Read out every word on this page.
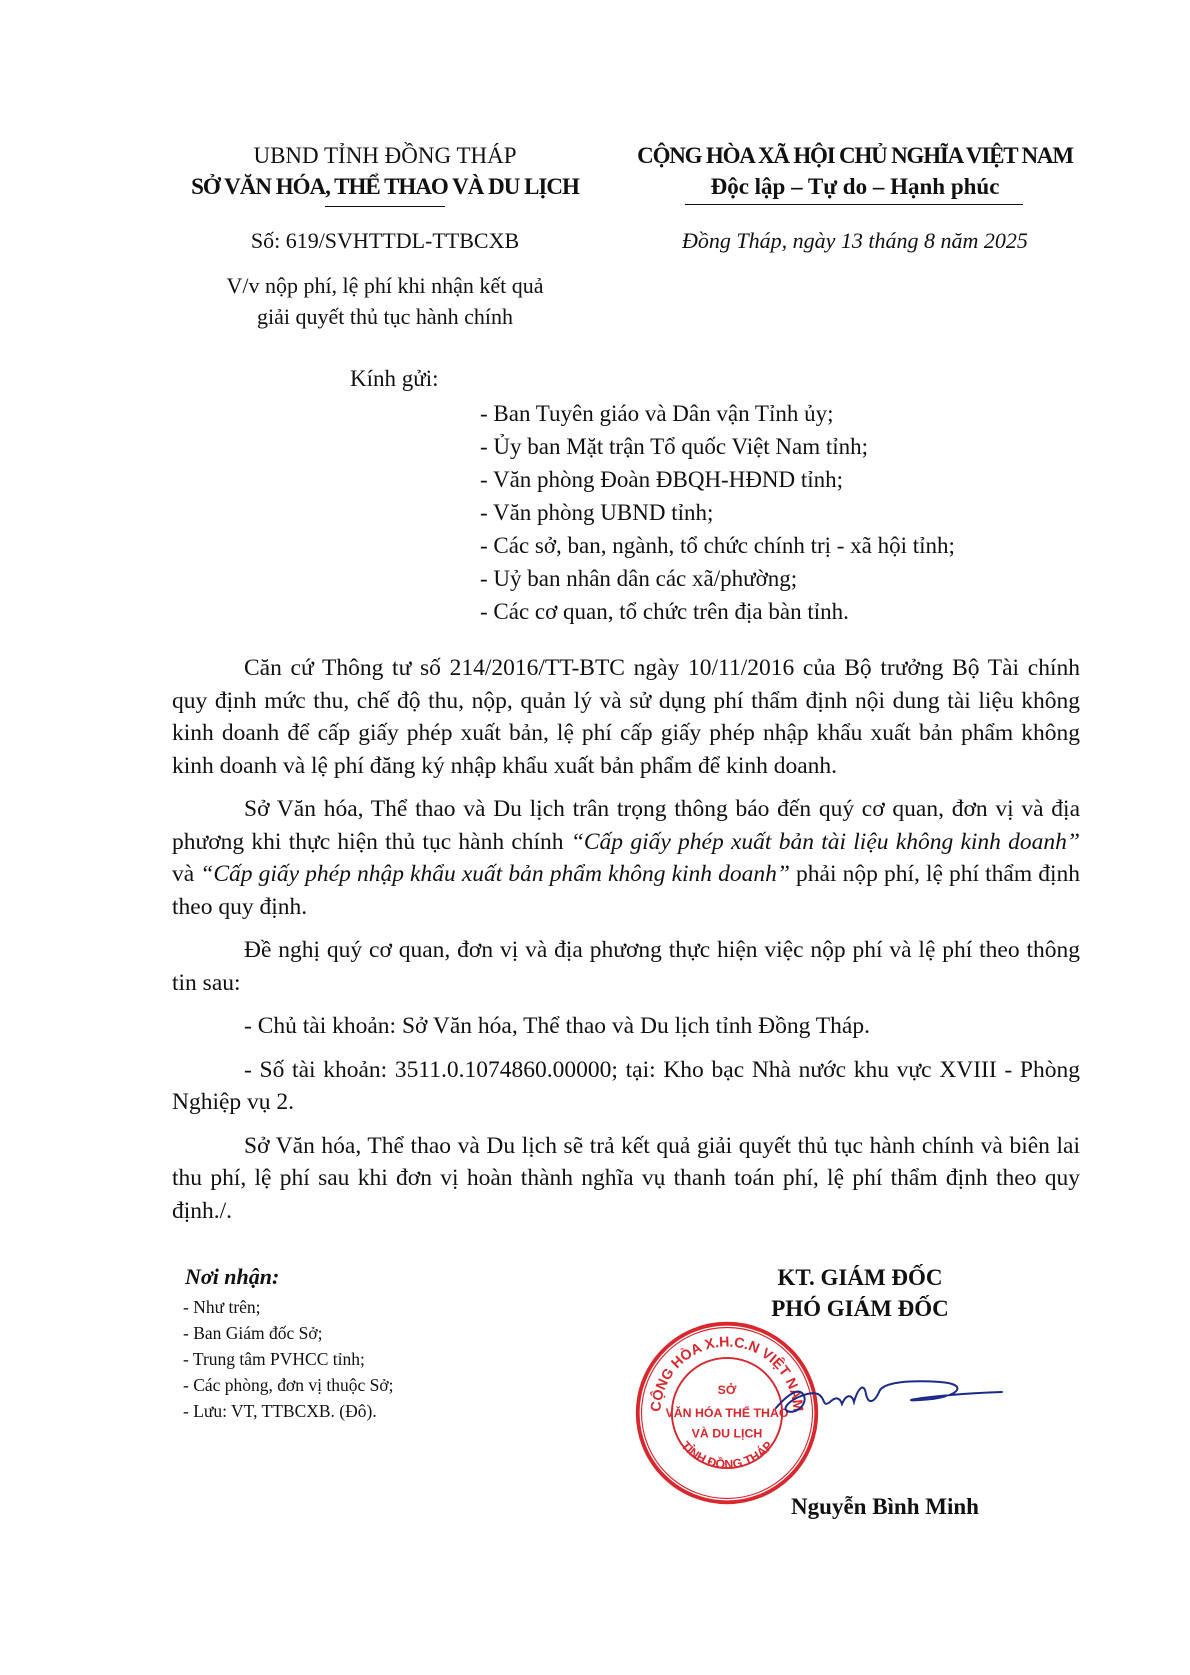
UBND TỈNH ĐỒNG THÁP
SỞ VĂN HÓA, THỂ THAO VÀ DU LỊCH
CỘNG HÒA XÃ HỘI CHỦ NGHĨA VIỆT NAM
Độc lập – Tự do – Hạnh phúc
Số: 619/SVHTTDL-TTBCXB	Đồng Tháp, ngày 13 tháng 8 năm 2025
V/v nộp phí, lệ phí khi nhận kết quả
giải quyết thủ tục hành chính
Kính gửi:
- Ban Tuyên giáo và Dân vận Tỉnh ủy;
- Ủy ban Mặt trận Tổ quốc Việt Nam tỉnh;
- Văn phòng Đoàn ĐBQH-HĐND tỉnh;
- Văn phòng UBND tỉnh;
- Các sở, ban, ngành, tổ chức chính trị - xã hội tỉnh;
- Uỷ ban nhân dân các xã/phường;
- Các cơ quan, tổ chức trên địa bàn tỉnh.

Căn cứ Thông tư số 214/2016/TT-BTC ngày 10/11/2016 của Bộ trưởng Bộ Tài chính quy định mức thu, chế độ thu, nộp, quản lý và sử dụng phí thẩm định nội dung tài liệu không kinh doanh để cấp giấy phép xuất bản, lệ phí cấp giấy phép nhập khẩu xuất bản phẩm không kinh doanh và lệ phí đăng ký nhập khẩu xuất bản phẩm để kinh doanh.

Sở Văn hóa, Thể thao và Du lịch trân trọng thông báo đến quý cơ quan, đơn vị và địa phương khi thực hiện thủ tục hành chính “Cấp giấy phép xuất bản tài liệu không kinh doanh” và “Cấp giấy phép nhập khẩu xuất bản phẩm không kinh doanh” phải nộp phí, lệ phí thẩm định theo quy định.

Đề nghị quý cơ quan, đơn vị và địa phương thực hiện việc nộp phí và lệ phí theo thông tin sau:

- Chủ tài khoản: Sở Văn hóa, Thể thao và Du lịch tỉnh Đồng Tháp.

- Số tài khoản: 3511.0.1074860.00000; tại: Kho bạc Nhà nước khu vực XVIII - Phòng Nghiệp vụ 2.

Sở Văn hóa, Thể thao và Du lịch sẽ trả kết quả giải quyết thủ tục hành chính và biên lai thu phí, lệ phí sau khi đơn vị hoàn thành nghĩa vụ thanh toán phí, lệ phí thẩm định theo quy định./.

Nơi nhận:
- Như trên;
- Ban Giám đốc Sở;
- Trung tâm PVHCC tỉnh;
- Các phòng, đơn vị thuộc Sở;
- Lưu: VT, TTBCXB. (Đô).
KT. GIÁM ĐỐC
PHÓ GIÁM ĐỐC
CỘNG HÒA X.H.C.N VIỆT NAM
TỈNH ĐỒNG THÁP
SỞ
VĂN HÓA THỂ THAO
VÀ DU LỊCH
Nguyễn Bình Minh
